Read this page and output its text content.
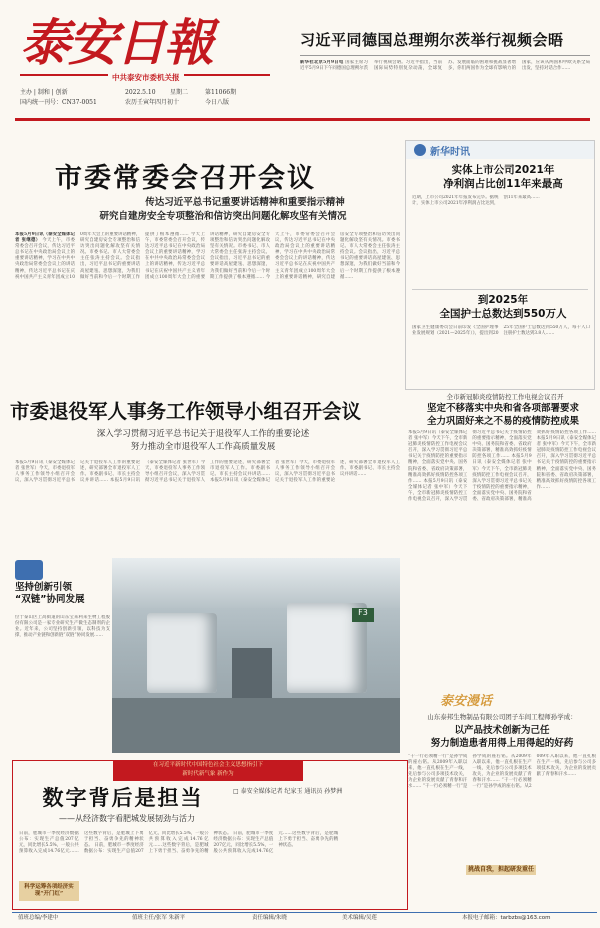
泰安日報
中共泰安市委机关报
主办 | 制和 | 创新	2022.5.10 星期二	第11066期
国内统一刊号：CN37-0051	农历壬寅年四月初十	今日八版
习近平同德国总理朔尔茨举行视频会晤
新华社北京5月9日电 国家主席习近平5月9日下午同德国总理朔尔茨举行视频会晤。习近平指出，当前国际局势特别复杂动荡，全球复苏、发展面临的困难和挑战显著增多，你们两国作为全球有影响力的国家，应该从两国和中欧关系全局出发，坚持对话合作……
市委常委会召开会议
传达习近平总书记重要讲话精神和重要指示精神
研究自建房安全专项整治和信访突出问题化解攻坚有关情况
本报5月9日讯（泰安全媒体记者 张继德） 今天上午，市委常委会召开会议，传达习近平总书记在中央政治局会议上的重要讲话精神，学习在中共中央政治局常委会会议上的讲话精神，传达习近平总书记在庆祝中国共产主义青年团成立100周年大会上的重要讲话精神，研究自建房安全专项整治和信访突出问题化解攻坚有关情况。市委书记、市人大常委会主任张涛主持会议。会议指出，习近平总书记的重要讲话高屋建瓴、思想深邃，为我们做好当前和今后一个时期工作提供了根本遵循…… 今天上午，市委常委会召开会议，传达习近平总书记在中央政治局会议上的重要讲话精神，学习在中共中央政治局常委会会议上的讲话精神，传达习近平总书记在庆祝中国共产主义青年团成立100周年大会上的重要讲话精神，研究自建房安全专项整治和信访突出问题化解攻坚有关情况。市委书记、市人大常委会主任张涛主持会议。会议指出，习近平总书记的重要讲话高屋建瓴、思想深邃，为我们做好当前和今后一个时期工作提供了根本遵循…… 今天上午，市委常委会召开会议，传达习近平总书记在中央政治局会议上的重要讲话精神，学习在中共中央政治局常委会会议上的讲话精神，传达习近平总书记在庆祝中国共产主义青年团成立100周年大会上的重要讲话精神，研究自建房安全专项整治和信访突出问题化解攻坚有关情况。市委书记、市人大常委会主任张涛主持会议。会议指出，习近平总书记的重要讲话高屋建瓴、思想深邃，为我们做好当前和今后一个时期工作提供了根本遵循……
新华时讯
实体上市公司2021年
净利润占比创11年来最高
近期，上市公司2021年年报发布完毕。据统计，实体上市公司2021年净利润占比达到，创11年来最高……
到2025年
全国护士总数达到550万人
国家卫生健康委员会日前印发《全国护理事业发展规划（2021—2025年）》，提出到2025年全国护士总数达到550万人，每千人口注册护士数达到3.8人……
市委退役军人事务工作领导小组召开会议
深入学习贯彻习近平总书记关于退役军人工作的重要论述
努力推动全市退役军人工作高质量发展
本报5月9日讯（泰安全媒体记者 张世军）今天，市委退役军人事务工作领导小组召开会议，深入学习贯彻习近平总书记关于退役军人工作的重要论述，研究部署全市退役军人工作。市委副书记、市长主持会议并讲话…… 本报5月9日讯（泰安全媒体记者 张世军）今天，市委退役军人事务工作领导小组召开会议，深入学习贯彻习近平总书记关于退役军人工作的重要论述，研究部署全市退役军人工作。市委副书记、市长主持会议并讲话…… 本报5月9日讯（泰安全媒体记者 张世军）今天，市委退役军人事务工作领导小组召开会议，深入学习贯彻习近平总书记关于退役军人工作的重要论述，研究部署全市退役军人工作。市委副书记、市长主持会议并讲话……
全市新冠肺炎疫情防控工作电视会议召开
坚定不移落实中央和省各项部署要求
全力巩固好来之不易的疫情防控成果
本报5月9日讯（泰安全媒体记者 张中军）今天下午，全市新冠肺炎疫情防控工作电视会议召开，深入学习贯彻习近平总书记关于疫情防控的重要指示精神，全面落实党中央、国务院和省委、省政府决策部署，精准高效抓好疫情防控各项工作…… 本报5月9日讯（泰安全媒体记者 张中军）今天下午，全市新冠肺炎疫情防控工作电视会议召开，深入学习贯彻习近平总书记关于疫情防控的重要指示精神，全面落实党中央、国务院和省委、省政府决策部署，精准高效抓好疫情防控各项工作…… 本报5月9日讯（泰安全媒体记者 张中军）今天下午，全市新冠肺炎疫情防控工作电视会议召开，深入学习贯彻习近平总书记关于疫情防控的重要指示精神，全面落实党中央、国务院和省委、省政府决策部署，精准高效抓好疫情防控各项工作…… 本报5月9日讯（泰安全媒体记者 张中军）今天下午，全市新冠肺炎疫情防控工作电视会议召开，深入学习贯彻习近平总书记关于疫情防控的重要指示精神，全面落实党中央、国务院和省委、省政府决策部署，精准高效抓好疫情防控各项工作……
坚持创新引领
“双链”协同发展
位于泰山区上高街道的山东宝来利来生物工程股份有限公司是一家专业研究生产微生态制剂的企业。近年来，公司坚持创新引领，以科技为支撑，推动产业链和创新链“双链”协同发展……
F3
泰安漫话
山东泰邦生物制品有限公司团子车间工程师孙学成：
以产品技术创新为己任
努力制造患者用得上用得起的好药
“干一行必须精一行”是孙学成的座右铭。从2009年入职以来，他一直扎根在生产一线，先后参与公司多项技术攻关，为企业的发展贡献了青春和汗水…… “干一行必须精一行”是孙学成的座右铭。从2009年入职以来，他一直扎根在生产一线，先后参与公司多项技术攻关，为企业的发展贡献了青春和汗水…… “干一行必须精一行”是孙学成的座右铭。从2009年入职以来，他一直扎根在生产一线，先后参与公司多项技术攻关，为企业的发展贡献了青春和汗水……
挑战自我，担起研发重任
在习近平新时代中国特色社会主义思想指引下
新时代新气象 新作为
数字背后是担当
——从经济数字看肥城发展韧劲与活力
□ 泰安全媒体记者 纪家玉 通讯员 孙梦洲
日前，肥城市一季度经济数据公布：实现生产总值207亿元，同比增长5.5%，一般公共预算收入完成14.76亿元……这些数字背后，是肥城上下勇于担当、奋勇争先的精神状态。 日前，肥城市一季度经济数据公布：实现生产总值207亿元，同比增长5.5%，一般公共预算收入完成14.76亿元……这些数字背后，是肥城上下勇于担当、奋勇争先的精神状态。 日前，肥城市一季度经济数据公布：实现生产总值207亿元，同比增长5.5%，一般公共预算收入完成14.76亿元……这些数字背后，是肥城上下勇于担当、奋勇争先的精神状态。
科学运筹各项经济实现“开门红”
值班总编/李建中	值班主任/张军 朱新平	责任编辑/朱晓	美术编辑/吴莲	本报电子邮箱：tarbzbs@163.com
